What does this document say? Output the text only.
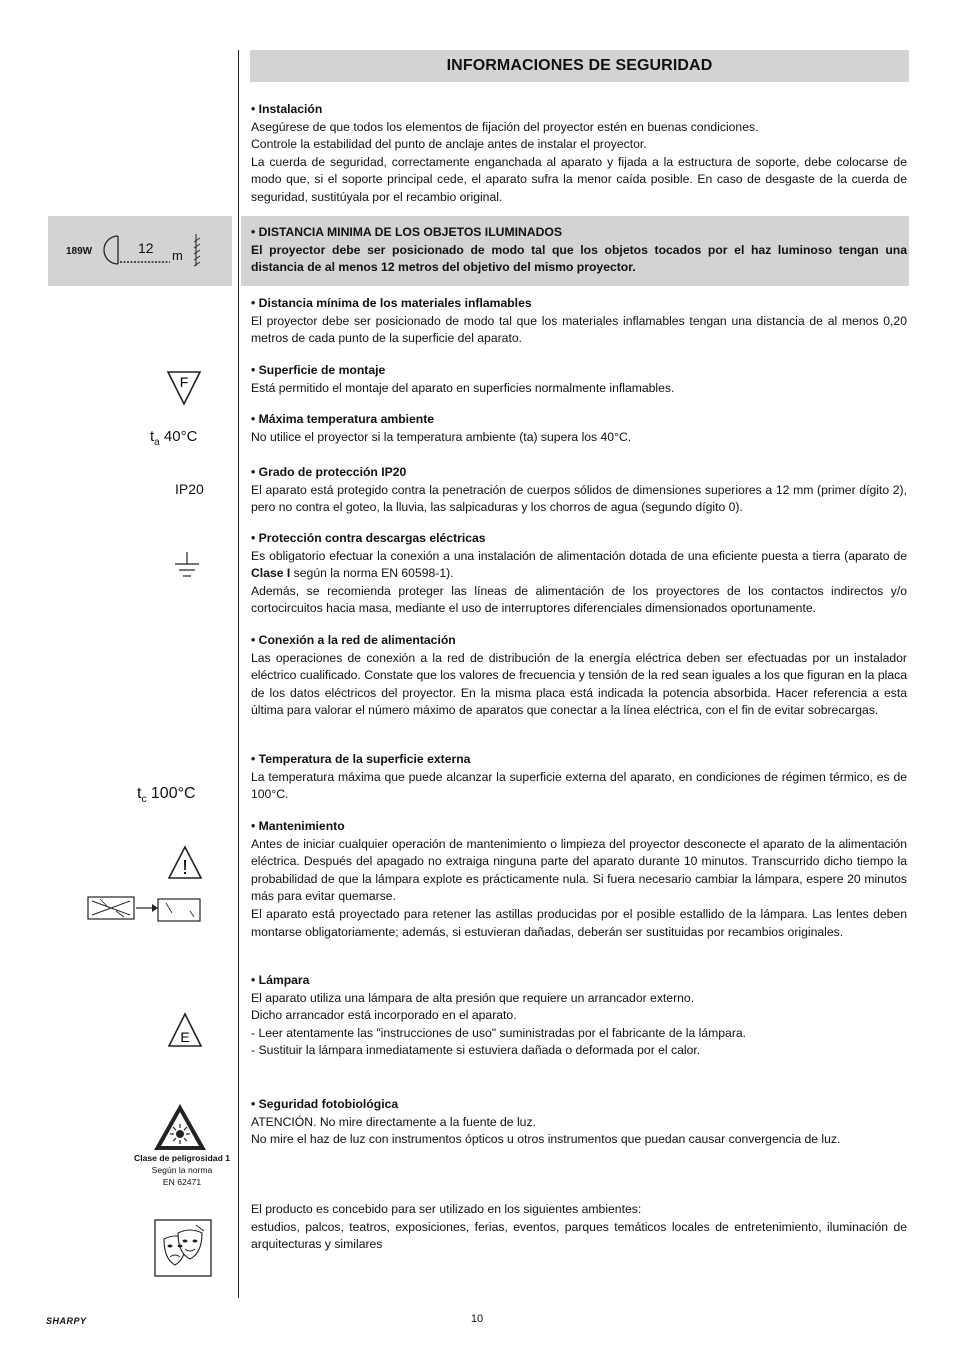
INFORMACIONES DE SEGURIDAD

• Instalación

Asegúrese de que todos los elementos de fijación del proyector estén en buenas condiciones.

Controle la estabilidad del punto de anclaje antes de instalar el proyector.

La cuerda de seguridad, correctamente enganchada al aparato y fijada a la estructura de soporte, debe colocarse de modo que, si el soporte principal cede, el aparato sufra la menor caída posible. En caso de desgaste de la cuerda de seguridad, sustitúyala por el recambio original.

• DISTANCIA MINIMA DE LOS OBJETOS ILUMINADOS

El proyector debe ser posicionado de modo tal que los objetos tocados por el haz luminoso tengan una distancia de al menos 12 metros del objetivo del mismo proyector.

189W	12 m

• Distancia mínima de los materiales inflamables

El proyector debe ser posicionado de modo tal que los materiales inflamables tengan una distancia de al menos 0,20 metros de cada punto de la superficie del aparato.

• Superficie de montaje

Está permitido el montaje del aparato en superficies normalmente inflamables.

F

• Máxima temperatura ambiente

No utilice el proyector si la temperatura ambiente (ta) supera los 40°C.

$t_a$ 40°C

• Grado de protección IP20

El aparato está protegido contra la penetración de cuerpos sólidos de dimensiones superiores a 12 mm (primer dígito 2), pero no contra el goteo, la lluvia, las salpicaduras y los chorros de agua (segundo dígito 0).

IP20

• Protección contra descargas eléctricas

Es obligatorio efectuar la conexión a una instalación de alimentación dotada de una eficiente puesta a tierra (aparato de Clase I según la norma EN 60598-1).

Además, se recomienda proteger las líneas de alimentación de los proyectores de los contactos indirectos y/o cortocircuitos hacia masa, mediante el uso de interruptores diferenciales dimensionados oportunamente.

• Conexión a la red de alimentación

Las operaciones de conexión a la red de distribución de la energía eléctrica deben ser efectuadas por un instalador eléctrico cualificado. Constate que los valores de frecuencia y tensión de la red sean iguales a los que figuran en la placa de los datos eléctricos del proyector. En la misma placa está indicada la potencia absorbida. Hacer referencia a esta última para valorar el número máximo de aparatos que conectar a la línea eléctrica, con el fin de evitar sobrecargas.

• Temperatura de la superficie externa

La temperatura máxima que puede alcanzar la superficie externa del aparato, en condiciones de régimen térmico, es de 100°C.

$t_c$ 100°C

• Mantenimiento

Antes de iniciar cualquier operación de mantenimiento o limpieza del proyector desconecte el aparato de la alimentación eléctrica. Después del apagado no extraiga ninguna parte del aparato durante 10 minutos. Transcurrido dicho tiempo la probabilidad de que la lámpara explote es prácticamente nula. Si fuera necesario cambiar la lámpara, espere 20 minutos más para evitar quemarse.

El aparato está proyectado para retener las astillas producidas por el posible estallido de la lámpara. Las lentes deben montarse obligatoriamente; además, si estuvieran dañadas, deberán ser sustituidas por recambios originales.

!

• Lámpara

El aparato utiliza una lámpara de alta presión que requiere un arrancador externo.

Dicho arrancador está incorporado en el aparato.

- Leer atentamente las "instrucciones de uso" suministradas por el fabricante de la lámpara.

- Sustituir la lámpara inmediatamente si estuviera dañada o deformada por el calor.

E

• Seguridad fotobiológica

ATENCIÓN. No mire directamente a la fuente de luz.

No mire el haz de luz con instrumentos ópticos u otros instrumentos que puedan causar convergencia de luz.

Clase de peligrosidad 1
Según la norma
EN 62471

El producto es concebido para ser utilizado en los siguientes ambientes:

estudios, palcos, teatros, exposiciones, ferias, eventos, parques temáticos locales de entretenimiento, iluminación de arquitecturas y similares

SHARPY	10
